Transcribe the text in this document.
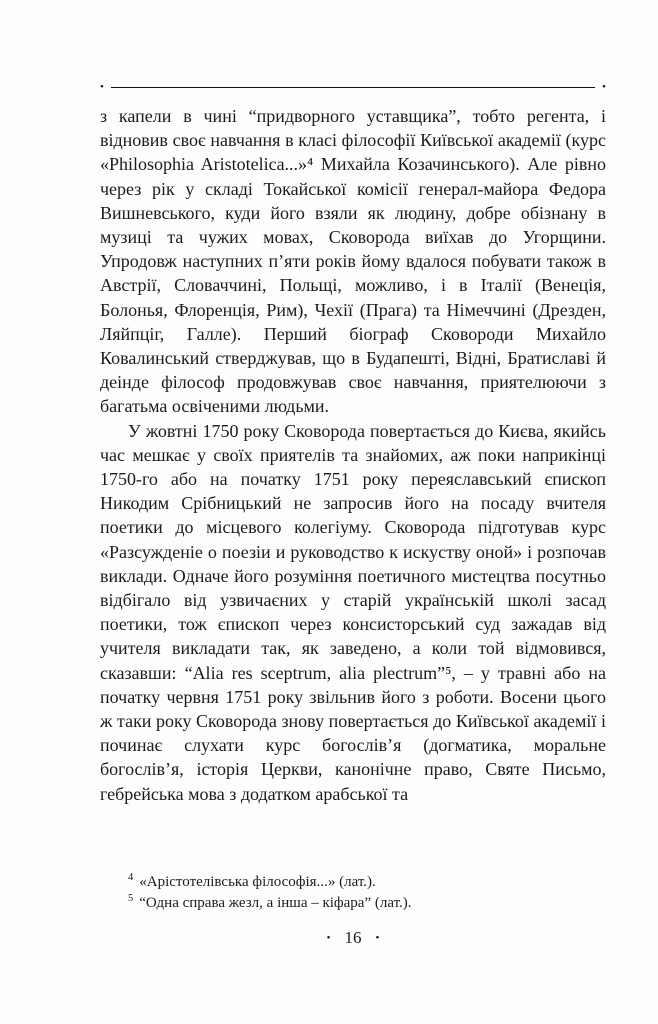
•	•

з капели в чині “придворного уставщика”, тобто регента, і відновив своє навчання в класі філософії Київської академії (курс «Philosophia Aristotelica...»⁴ Михайла Козачинського). Але рівно через рік у складі Токайської комісії генерал-майора Федора Вишневського, куди його взяли як людину, добре обізнану в музиці та чужих мовах, Сковорода виїхав до Угорщини. Упродовж наступних п’яти років йому вдалося побувати також в Австрії, Словаччині, Польщі, можливо, і в Італії (Венеція, Болонья, Флоренція, Рим), Чехії (Прага) та Німеччині (Дрезден, Ляйпціг, Галле). Перший біограф Сковороди Михайло Ковалинський стверджував, що в Будапешті, Відні, Братиславі й деінде філософ продовжував своє навчання, приятелюючи з багатьма освіченими людьми.

У жовтні 1750 року Сковорода повертається до Києва, якийсь час мешкає у своїх приятелів та знайомих, аж поки наприкінці 1750-го або на початку 1751 року переяславський єпископ Никодим Срібницький не запросив його на посаду вчителя поетики до місцевого колегіуму. Сковорода підготував курс «Разсужденіе о поезіи и руководство к искуству оной» і розпочав виклади. Одначе його розуміння поетичного мистецтва посутньо відбігало від узвичаєних у старій українській школі засад поетики, тож єпископ через консисторський суд зажадав від учителя викладати так, як заведено, а коли той відмовився, сказавши: “Alia res sceptrum, alia plectrum”⁵, – у травні або на початку червня 1751 року звільнив його з роботи. Восени цього ж таки року Сковорода знову повертається до Київської академії і починає слухати курс богослів’я (догматика, моральне богослів’я, історія Церкви, канонічне право, Святе Письмо, гебрейська мова з додатком арабської та

$^4$ «Арістотелівська філософія...» (лат.).
$^5$ “Одна справа жезл, а інша – кіфара” (лат.).
• 16 •
